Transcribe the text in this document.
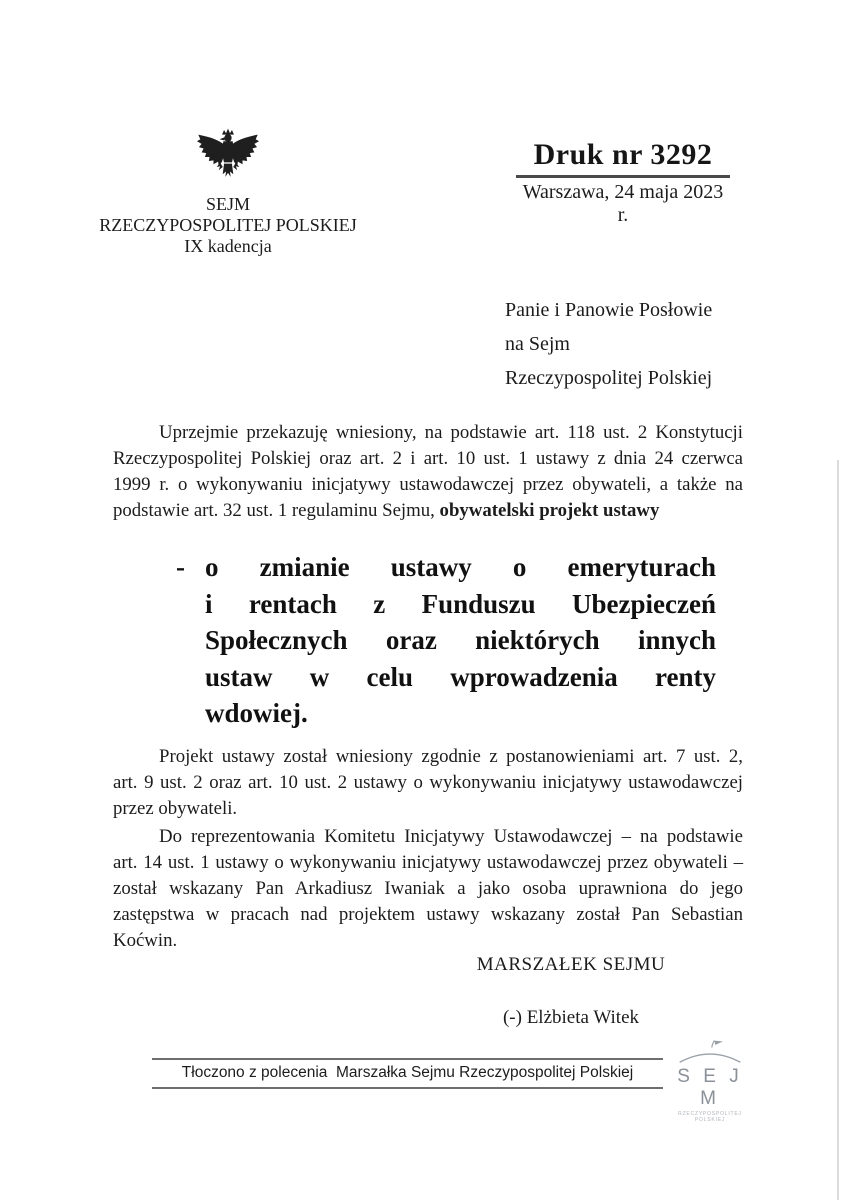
SEJM
RZECZYPOSPOLITEJ POLSKIEJ
IX kadencja
Druk nr 3292
Warszawa, 24 maja 2023 r.
Panie i Panowie Posłowie
na Sejm
Rzeczypospolitej Polskiej
Uprzejmie przekazuję wniesiony, na podstawie art. 118 ust. 2 Konstytucji
Rzeczypospolitej Polskiej oraz art. 2 i art. 10 ust. 1 ustawy z dnia 24 czerwca
1999 r. o wykonywaniu inicjatywy ustawodawczej przez obywateli, a także na
podstawie art. 32 ust. 1 regulaminu Sejmu, obywatelski projekt ustawy
- o zmianie ustawy o emeryturach
i rentach z Funduszu Ubezpieczeń
Społecznych oraz niektórych innych
ustaw w celu wprowadzenia renty
wdowiej.
Projekt ustawy został wniesiony zgodnie z postanowieniami art. 7 ust. 2,
art. 9 ust. 2 oraz art. 10 ust. 2 ustawy o wykonywaniu inicjatywy ustawodawczej
przez obywateli.
Do reprezentowania Komitetu Inicjatywy Ustawodawczej – na podstawie
art. 14 ust. 1 ustawy o wykonywaniu inicjatywy ustawodawczej przez obywateli –
został wskazany Pan Arkadiusz Iwaniak a jako osoba uprawniona do jego
zastępstwa w pracach nad projektem ustawy wskazany został Pan Sebastian
Koćwin.
MARSZAŁEK SEJMU
(-) Elżbieta Witek
Tłoczono z polecenia  Marszałka Sejmu Rzeczypospolitej Polskiej	S E J M
RZECZYPOSPOLITEJ POLSKIEJ
